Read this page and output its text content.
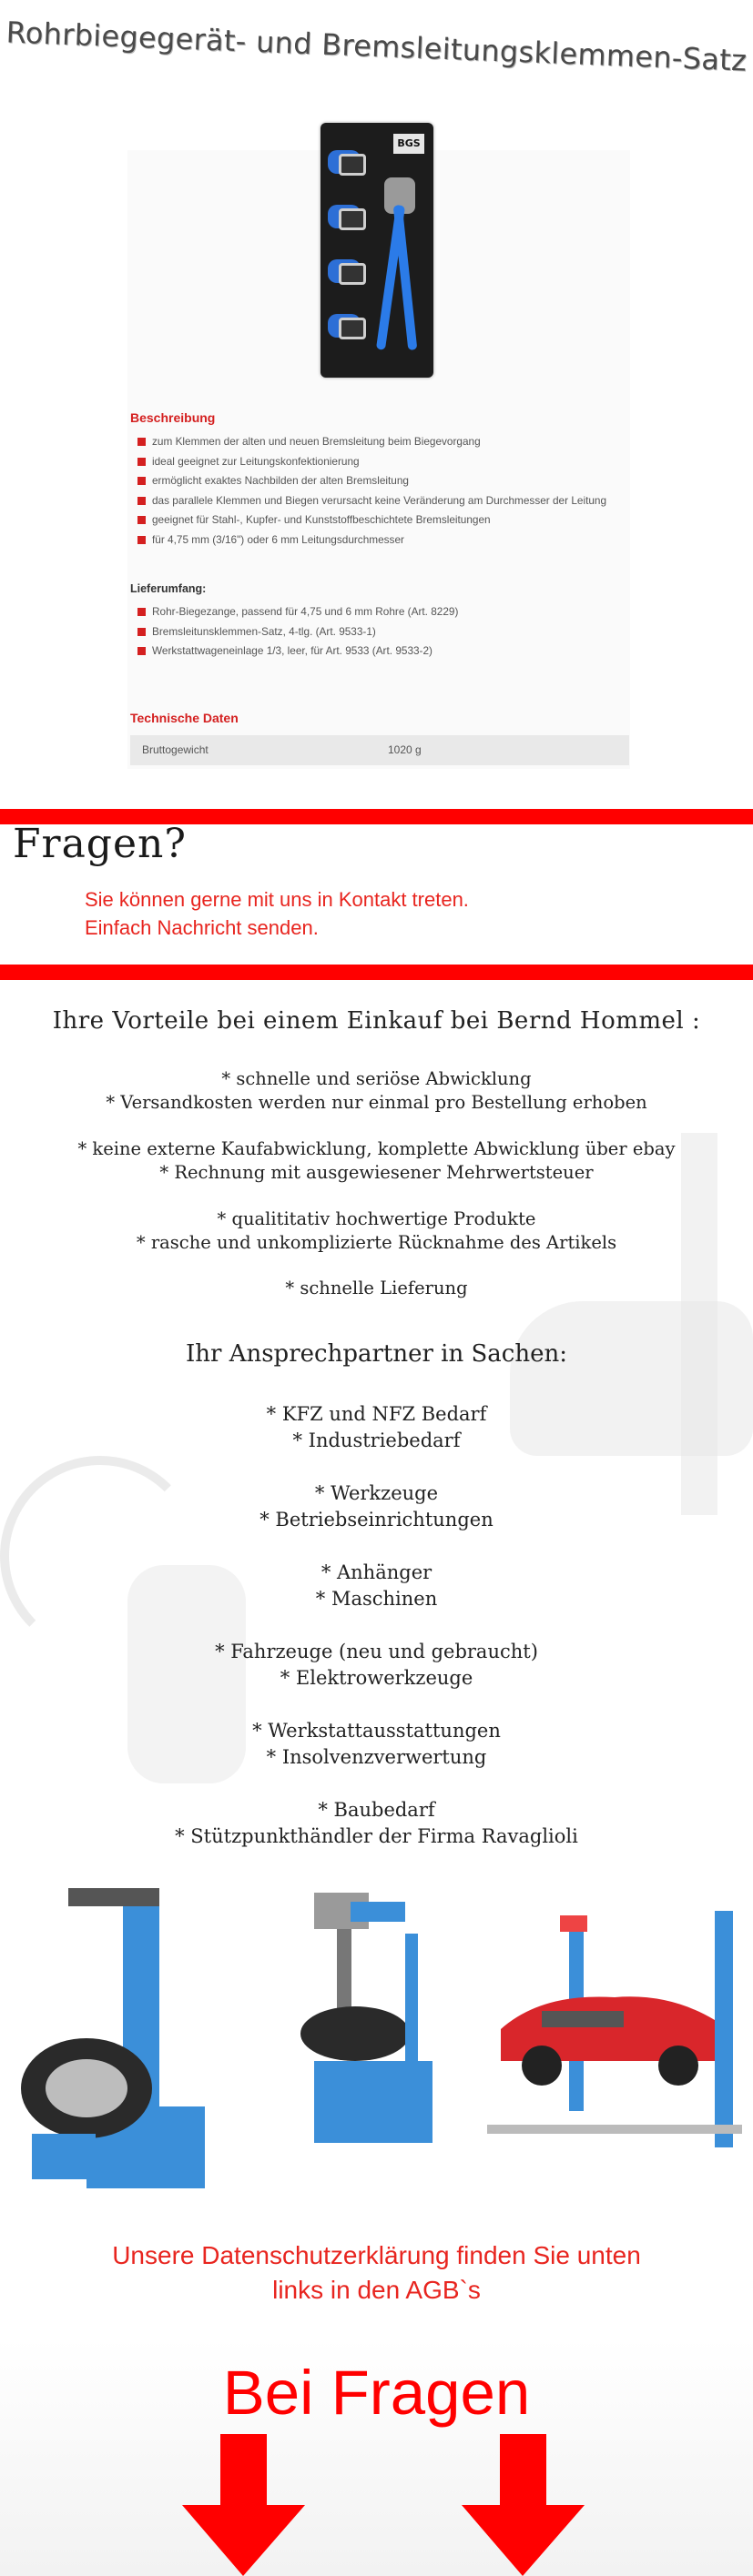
Rohrbiegegerät- und Bremsleitungsklemmen-Satz
BGS
Beschreibung
zum Klemmen der alten und neuen Bremsleitung beim Biegevorgang
ideal geeignet zur Leitungskonfektionierung
ermöglicht exaktes Nachbilden der alten Bremsleitung
das parallele Klemmen und Biegen verursacht keine Veränderung am Durchmesser der Leitung
geeignet für Stahl-, Kupfer- und Kunststoffbeschichtete Bremsleitungen
für 4,75 mm (3/16") oder 6 mm Leitungsdurchmesser
Lieferumfang:
Rohr-Biegezange, passend für 4,75 und 6 mm Rohre (Art. 8229)
Bremsleitunsklemmen-Satz, 4-tlg. (Art. 9533-1)
Werkstattwageneinlage 1/3, leer, für Art. 9533 (Art. 9533-2)
Technische Daten
Bruttogewicht	1020 g
Fragen?
Sie können gerne mit uns in Kontakt treten.
Einfach Nachricht senden.
Ihre Vorteile bei einem Einkauf bei Bernd Hommel :
* schnelle und seriöse Abwicklung
* Versandkosten werden nur einmal pro Bestellung erhoben
* keine externe Kaufabwicklung, komplette Abwicklung über ebay
* Rechnung mit ausgewiesener Mehrwertsteuer
* qualititativ hochwertige Produkte
* rasche und unkomplizierte Rücknahme des Artikels
* schnelle Lieferung
Ihr Ansprechpartner in Sachen:
* KFZ und NFZ Bedarf
* Industriebedarf
* Werkzeuge
* Betriebseinrichtungen
* Anhänger
* Maschinen
* Fahrzeuge (neu und gebraucht)
* Elektrowerkzeuge
* Werkstattausstattungen
* Insolvenzverwertung
* Baubedarf
* Stützpunkthändler der Firma Ravaglioli
Unsere Datenschutzerklärung finden Sie unten
links in den AGB`s
Bei Fragen
